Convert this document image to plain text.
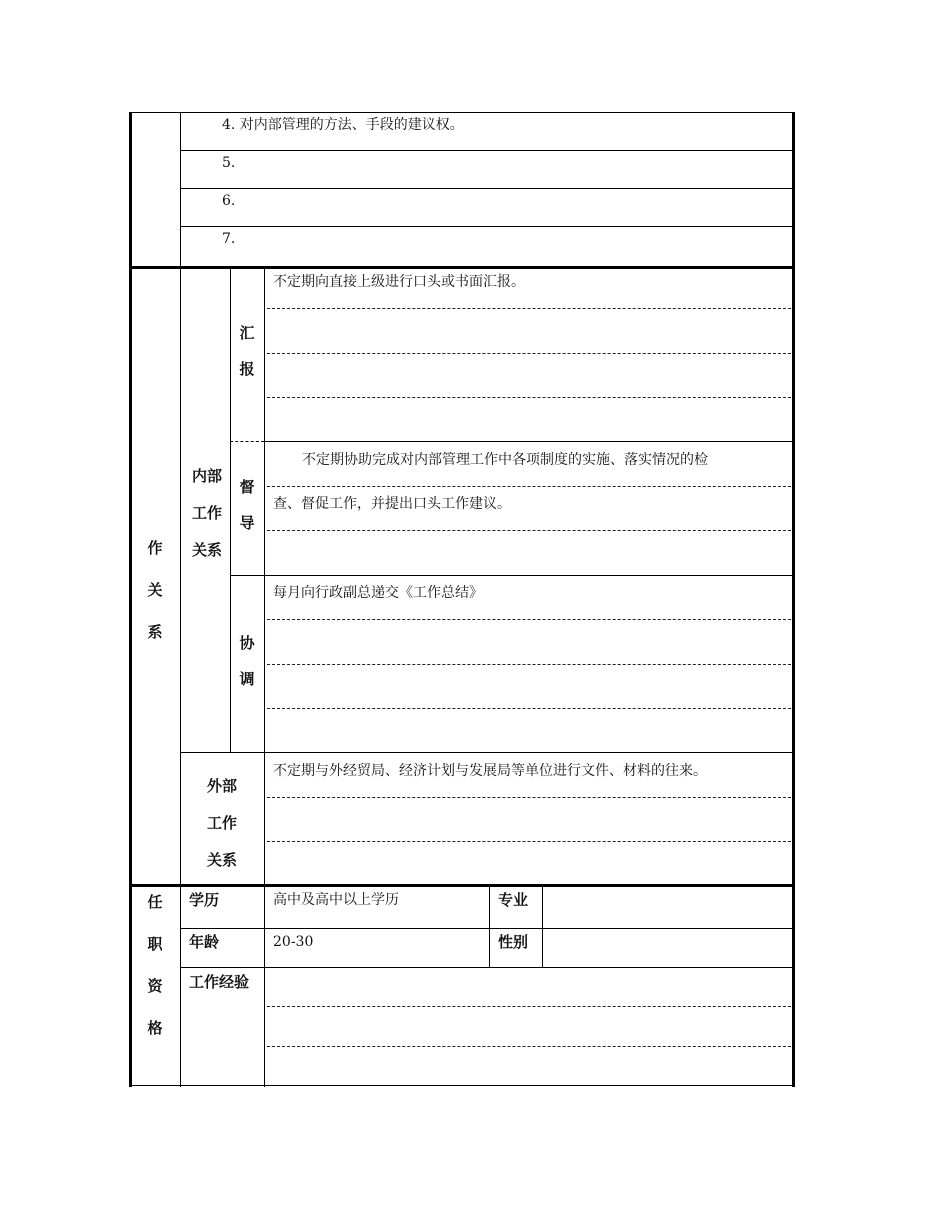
4. 对内部管理的方法、手段的建议权。
5.
6.
7.
作
关
系
内部
工作
关系
汇
报
不定期向直接上级进行口头或书面汇报。
督
导
不定期协助完成对内部管理工作中各项制度的实施、落实情况的检
查、督促工作，并提出口头工作建议。
协
调
每月向行政副总递交《工作总结》
外部
工作
关系
不定期与外经贸局、经济计划与发展局等单位进行文件、材料的往来。
任
职
资
格
学历	高中及高中以上学历	专业
年龄	20-30	性别
工作经验
